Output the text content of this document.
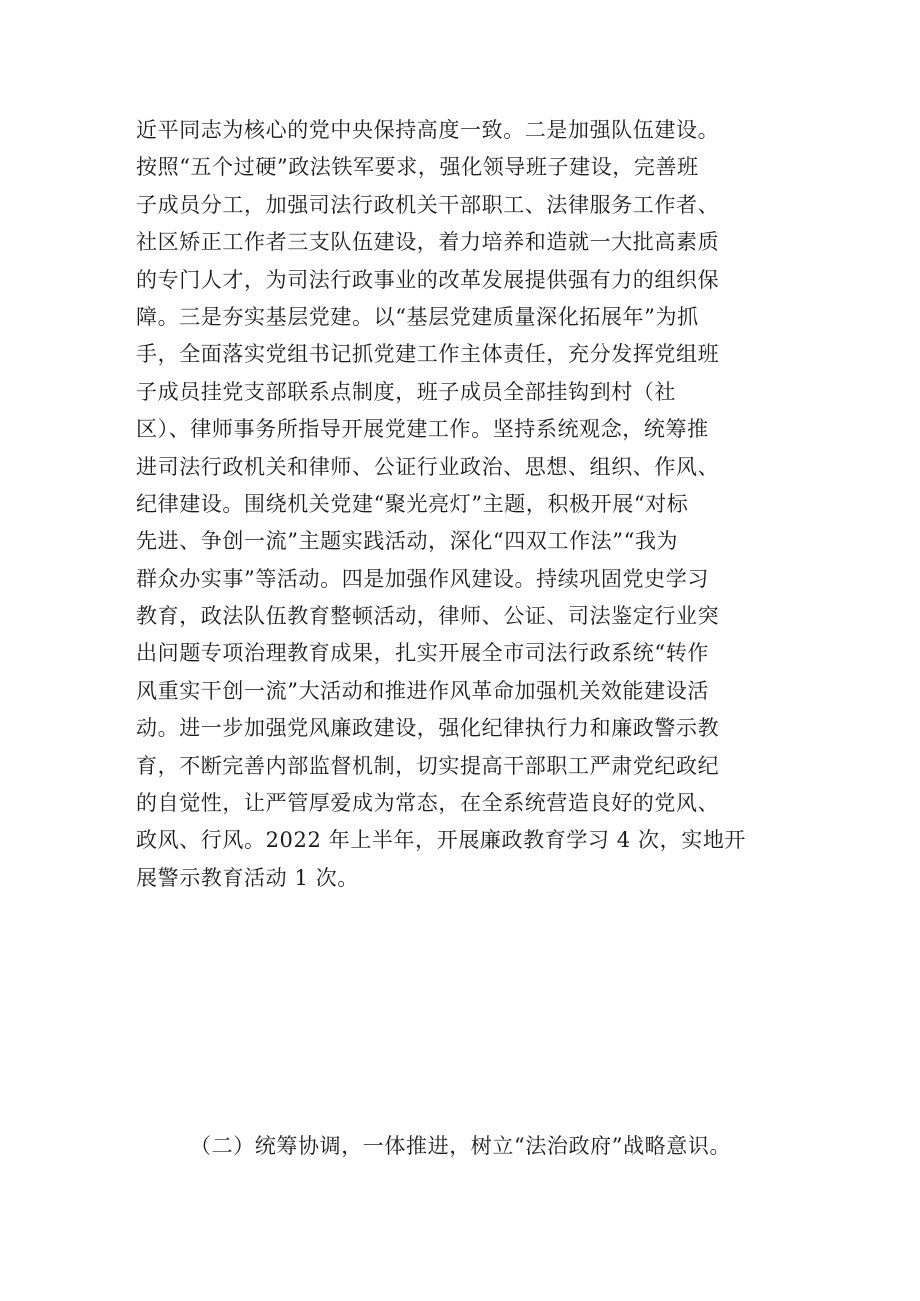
近平同志为核心的党中央保持高度一致。二是加强队伍建设。
按照“五个过硬”政法铁军要求，强化领导班子建设，完善班
子成员分工，加强司法行政机关干部职工、法律服务工作者、
社区矫正工作者三支队伍建设，着力培养和造就一大批高素质
的专门人才，为司法行政事业的改革发展提供强有力的组织保
障。三是夯实基层党建。以“基层党建质量深化拓展年”为抓
手，全面落实党组书记抓党建工作主体责任，充分发挥党组班
子成员挂党支部联系点制度，班子成员全部挂钩到村（社
区）、律师事务所指导开展党建工作。坚持系统观念，统筹推
进司法行政机关和律师、公证行业政治、思想、组织、作风、
纪律建设。围绕机关党建“聚光亮灯”主题，积极开展“对标
先进、争创一流”主题实践活动，深化“四双工作法”“我为
群众办实事”等活动。四是加强作风建设。持续巩固党史学习
教育，政法队伍教育整顿活动，律师、公证、司法鉴定行业突
出问题专项治理教育成果，扎实开展全市司法行政系统“转作
风重实干创一流”大活动和推进作风革命加强机关效能建设活
动。进一步加强党风廉政建设，强化纪律执行力和廉政警示教
育，不断完善内部监督机制，切实提高干部职工严肃党纪政纪
的自觉性，让严管厚爱成为常态，在全系统营造良好的党风、
政风、行风。2022 年上半年，开展廉政教育学习 4 次，实地开
展警示教育活动 1 次。
（二）统筹协调，一体推进，树立“法治政府”战略意识。
